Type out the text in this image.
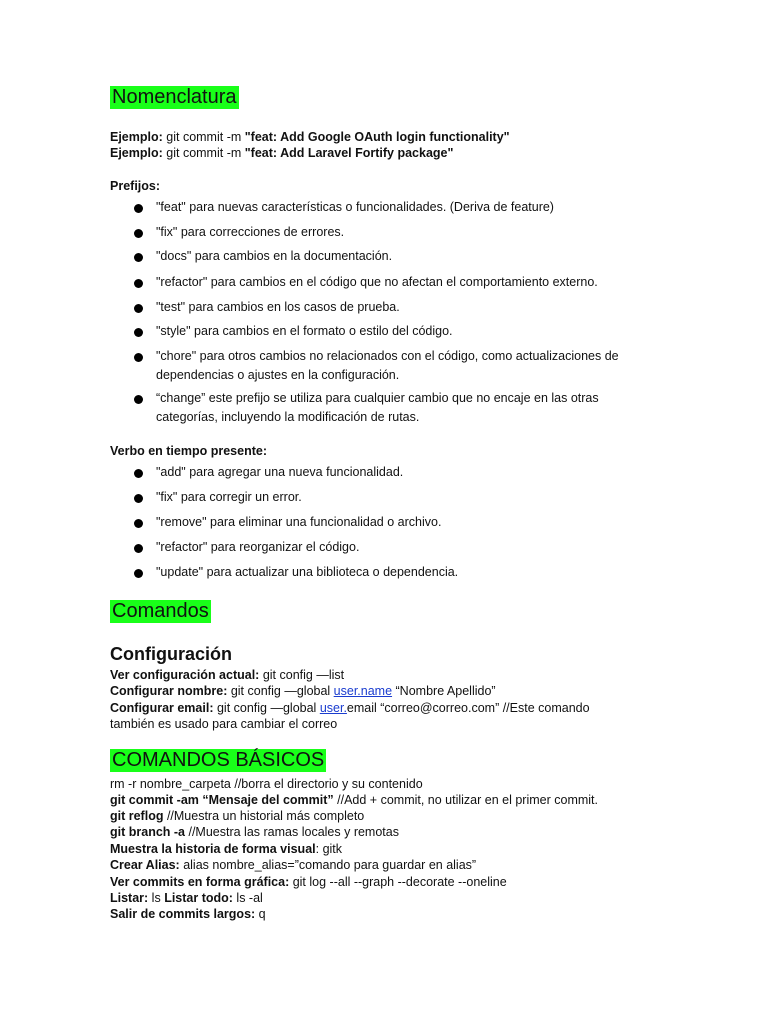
Nomenclatura
Ejemplo: git commit -m "feat: Add Google OAuth login functionality"
Ejemplo: git commit -m "feat: Add Laravel Fortify package"
Prefijos:
"feat" para nuevas características o funcionalidades. (Deriva de feature)
"fix" para correcciones de errores.
"docs" para cambios en la documentación.
"refactor" para cambios en el código que no afectan el comportamiento externo.
"test" para cambios en los casos de prueba.
"style" para cambios en el formato o estilo del código.
"chore" para otros cambios no relacionados con el código, como actualizaciones de dependencias o ajustes en la configuración.
“change” este prefijo se utiliza para cualquier cambio que no encaje en las otras categorías, incluyendo la modificación de rutas.
Verbo en tiempo presente:
"add" para agregar una nueva funcionalidad.
"fix" para corregir un error.
"remove" para eliminar una funcionalidad o archivo.
"refactor" para reorganizar el código.
"update" para actualizar una biblioteca o dependencia.
Comandos
Configuración
Ver configuración actual: git config —list
Configurar nombre: git config —global user.name “Nombre Apellido”
Configurar email: git config —global user.email “correo@correo.com” //Este comando
también es usado para cambiar el correo
COMANDOS BÁSICOS
rm -r nombre_carpeta //borra el directorio y su contenido
git commit -am “Mensaje del commit” //Add + commit, no utilizar en el primer commit.
git reflog //Muestra un historial más completo
git branch -a //Muestra las ramas locales y remotas
Muestra la historia de forma visual: gitk
Crear Alias: alias nombre_alias=”comando para guardar en alias”
Ver commits en forma gráfica: git log --all --graph --decorate --oneline
Listar: ls Listar todo: ls -al
Salir de commits largos: q
